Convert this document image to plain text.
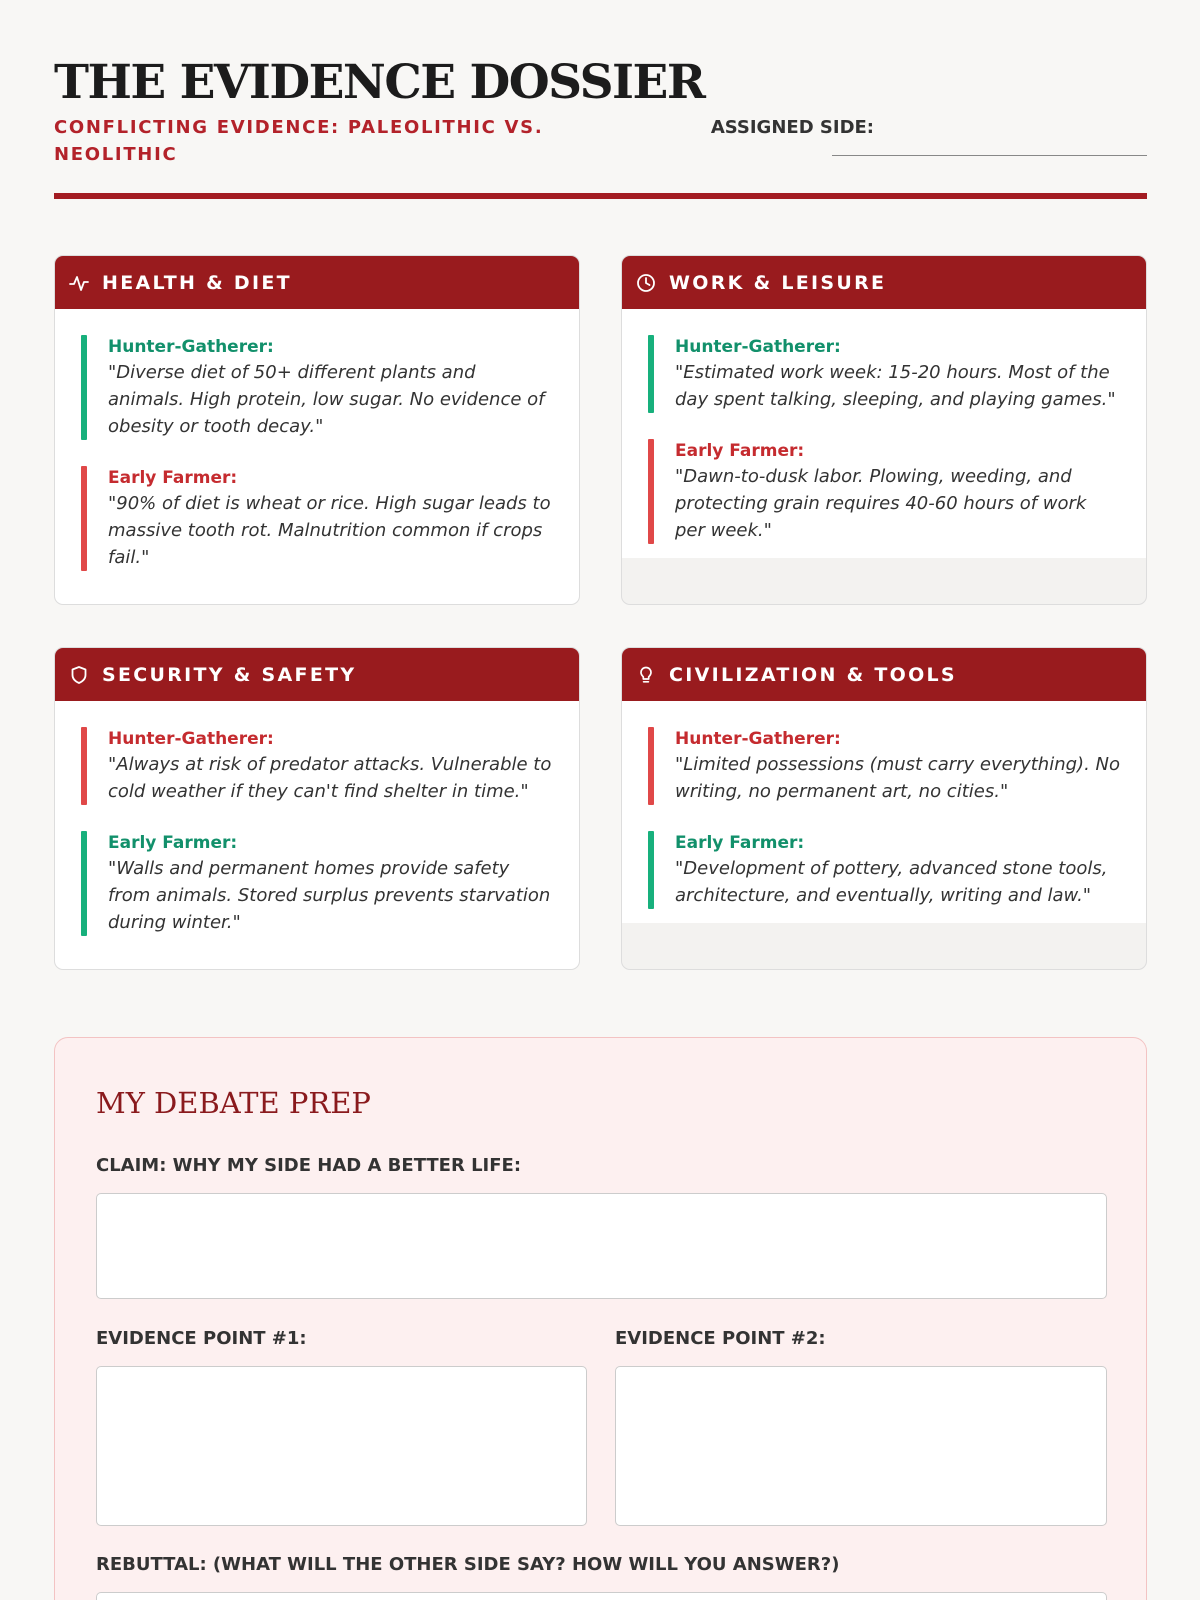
THE EVIDENCE DOSSIER
CONFLICTING EVIDENCE: PALEOLITHIC VS. NEOLITHIC
ASSIGNED SIDE:
HEALTH & DIET
Hunter-Gatherer:
"Diverse diet of 50+ different plants and animals. High protein, low sugar. No evidence of obesity or tooth decay."
Early Farmer:
"90% of diet is wheat or rice. High sugar leads to massive tooth rot. Malnutrition common if crops fail."
WORK & LEISURE
Hunter-Gatherer:
"Estimated work week: 15-20 hours. Most of the day spent talking, sleeping, and playing games."
Early Farmer:
"Dawn-to-dusk labor. Plowing, weeding, and protecting grain requires 40-60 hours of work per week."
SECURITY & SAFETY
Hunter-Gatherer:
"Always at risk of predator attacks. Vulnerable to cold weather if they can't find shelter in time."
Early Farmer:
"Walls and permanent homes provide safety from animals. Stored surplus prevents starvation during winter."
CIVILIZATION & TOOLS
Hunter-Gatherer:
"Limited possessions (must carry everything). No writing, no permanent art, no cities."
Early Farmer:
"Development of pottery, advanced stone tools, architecture, and eventually, writing and law."
MY DEBATE PREP
CLAIM: WHY MY SIDE HAD A BETTER LIFE:
EVIDENCE POINT #1:	EVIDENCE POINT #2:
REBUTTAL: (WHAT WILL THE OTHER SIDE SAY? HOW WILL YOU ANSWER?)
